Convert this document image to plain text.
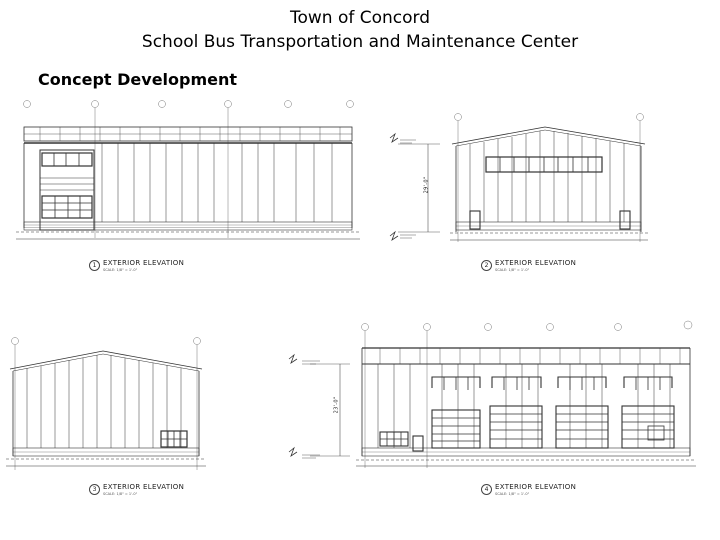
Town of Concord
School Bus Transportation and Maintenance Center
Concept Development
29'-0"
23'-0"
1 EXTERIOR ELEVATION
SCALE: 1/8" = 1'-0"
2 EXTERIOR ELEVATION
SCALE: 1/8" = 1'-0"
3 EXTERIOR ELEVATION
SCALE: 1/8" = 1'-0"
4 EXTERIOR ELEVATION
SCALE: 1/8" = 1'-0"
